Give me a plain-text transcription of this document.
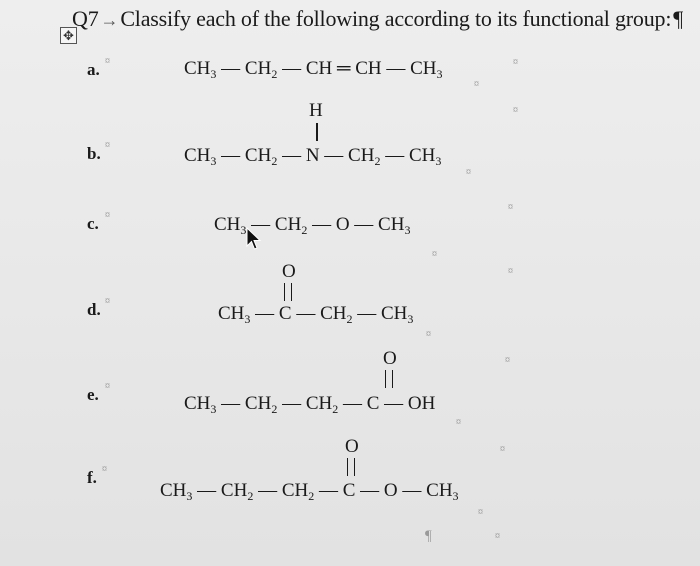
✥
Q7 →Classify each of the following according to its functional group:¶
a. ¤	$CH_3$ — $CH_2$ — CH ═ CH — $CH_3$
¤
¤
H	¤
b. ¤	$CH_3$ — $CH_2$ — N — $CH_2$ — $CH_3$
¤
¤
c. ¤	$CH_3$ — $CH_2$ — O — $CH_3$
¤
O	¤
d. ¤
$CH_3$ — C — $CH_2$ — $CH_3$
¤
O	¤
e. ¤
$CH_3$ — $CH_2$ — $CH_2$ — C — OH
¤
O	¤
f. ¤
$CH_3$ — $CH_2$ — $CH_2$ — C — O — $CH_3$
¤
¤
¶
